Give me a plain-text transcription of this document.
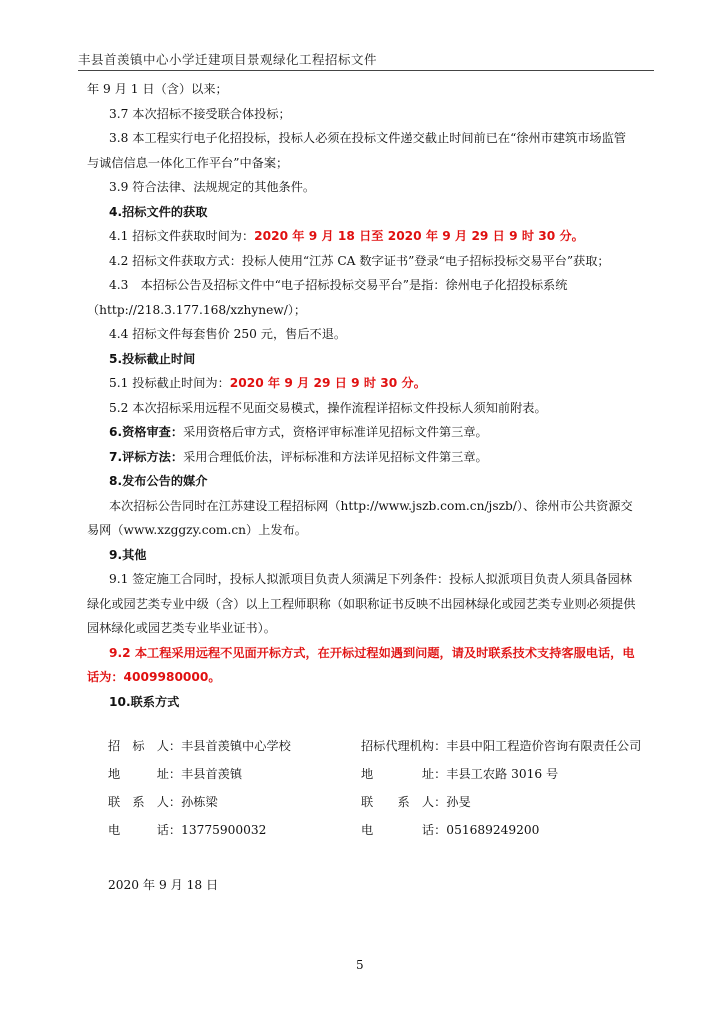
丰县首羡镇中心小学迁建项目景观绿化工程招标文件

年 9 月 1 日（含）以来；

3.7 本次招标不接受联合体投标；

3.8 本工程实行电子化招投标，投标人必须在投标文件递交截止时间前已在“徐州市建筑市场监管

与诚信信息一体化工作平台”中备案；

3.9 符合法律、法规规定的其他条件。

4.招标文件的获取

4.1 招标文件获取时间为：2020 年 9 月 18 日至 2020 年 9 月 29 日 9 时 30 分。

4.2 招标文件获取方式：投标人使用“江苏 CA 数字证书”登录“电子招标投标交易平台”获取；

4.3　本招标公告及招标文件中“电子招标投标交易平台”是指：徐州电子化招投标系统

（http://218.3.177.168/xzhynew/）；

4.4 招标文件每套售价 250 元，售后不退。

5.投标截止时间

5.1 投标截止时间为：2020 年 9 月 29 日 9 时 30 分。

5.2 本次招标采用远程不见面交易模式，操作流程详招标文件投标人须知前附表。

6.资格审查：采用资格后审方式，资格评审标准详见招标文件第三章。

7.评标方法：采用合理低价法，评标标准和方法详见招标文件第三章。

8.发布公告的媒介

本次招标公告同时在江苏建设工程招标网（http://www.jszb.com.cn/jszb/）、徐州市公共资源交

易网（www.xzggzy.com.cn）上发布。

9.其他

9.1 签定施工合同时，投标人拟派项目负责人须满足下列条件：投标人拟派项目负责人须具备园林

绿化或园艺类专业中级（含）以上工程师职称（如职称证书反映不出园林绿化或园艺类专业则必须提供

园林绿化或园艺类专业毕业证书）。

9.2 本工程采用远程不见面开标方式，在开标过程如遇到问题，请及时联系技术支持客服电话，电

话为：4009980000。

10.联系方式

招　标　人：丰县首羡镇中心学校	招标代理机构：丰县中阳工程造价咨询有限责任公司
地　　　址：丰县首羡镇	地　　　　址：丰县工农路 3016 号
联　系　人：孙栋梁	联　　系　人：孙旻
电　　　话：13775900032	电　　　　话：051689249200
2020 年 9 月 18 日
5
